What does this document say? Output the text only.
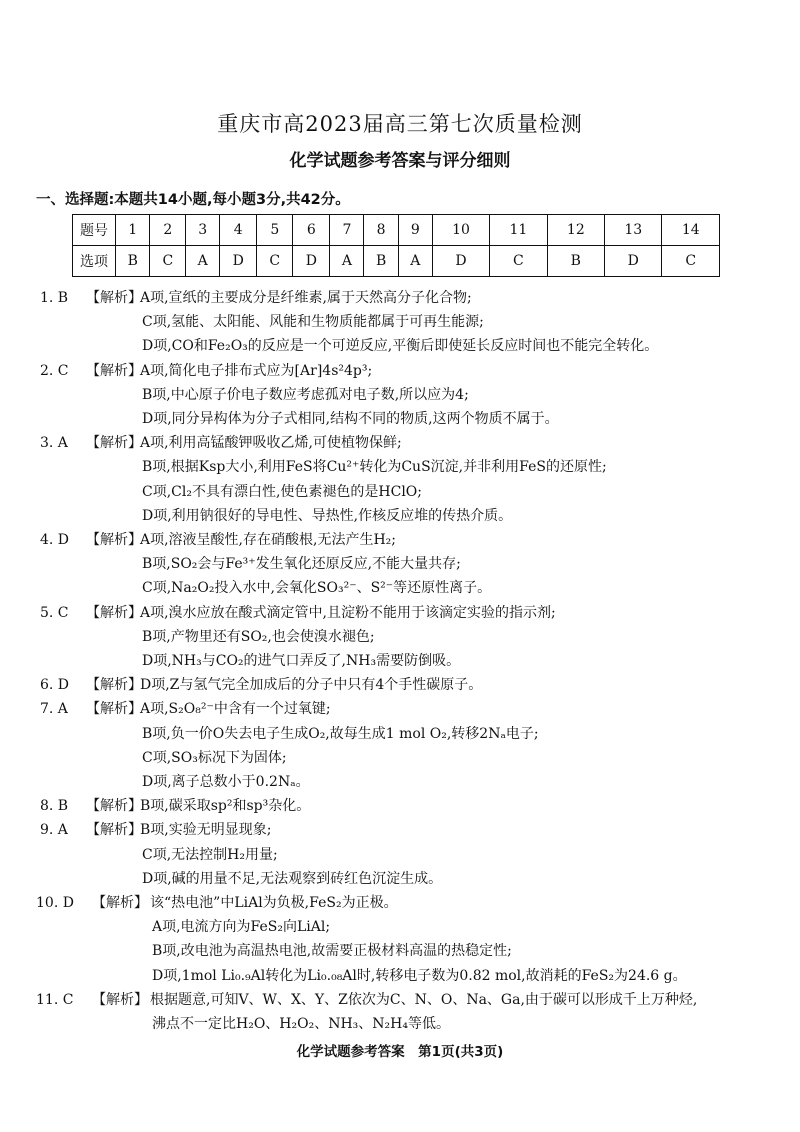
重庆市高2023届高三第七次质量检测
化学试题参考答案与评分细则
一、选择题:本题共14小题,每小题3分,共42分。
题号	1	2	3	4	5	6	7	8	9	10	11	12	13	14
选项	B	C	A	D	C	D	A	B	A	D	C	B	D	C
1. B	【解析】
A项,宣纸的主要成分是纤维素,属于天然高分子化合物;
C项,氢能、太阳能、风能和生物质能都属于可再生能源;
D项,CO和Fe₂O₃的反应是一个可逆反应,平衡后即使延长反应时间也不能完全转化。
2. C	【解析】
A项,简化电子排布式应为[Ar]4s²4p³;
B项,中心原子价电子数应考虑孤对电子数,所以应为4;
D项,同分异构体为分子式相同,结构不同的物质,这两个物质不属于。
3. A	【解析】
A项,利用高锰酸钾吸收乙烯,可使植物保鲜;
B项,根据Ksp大小,利用FeS将Cu²⁺转化为CuS沉淀,并非利用FeS的还原性;
C项,Cl₂不具有漂白性,使色素褪色的是HClO;
D项,利用钠很好的导电性、导热性,作核反应堆的传热介质。
4. D	【解析】
A项,溶液呈酸性,存在硝酸根,无法产生H₂;
B项,SO₂会与Fe³⁺发生氧化还原反应,不能大量共存;
C项,Na₂O₂投入水中,会氧化SO₃²⁻、S²⁻等还原性离子。
5. C	【解析】
A项,溴水应放在酸式滴定管中,且淀粉不能用于该滴定实验的指示剂;
B项,产物里还有SO₂,也会使溴水褪色;
D项,NH₃与CO₂的进气口弄反了,NH₃需要防倒吸。
6. D	【解析】
D项,Z与氢气完全加成后的分子中只有4个手性碳原子。
7. A	【解析】
A项,S₂O₈²⁻中含有一个过氧键;
B项,负一价O失去电子生成O₂,故每生成1 mol O₂,转移2Nₐ电子;
C项,SO₃标况下为固体;
D项,离子总数小于0.2Nₐ。
8. B	【解析】
B项,碳采取sp²和sp³杂化。
9. A	【解析】
B项,实验无明显现象;
C项,无法控制H₂用量;
D项,碱的用量不足,无法观察到砖红色沉淀生成。
10. D 【解析】 该“热电池”中LiAl为负极,FeS₂为正极。
A项,电流方向为FeS₂向LiAl;
B项,改电池为高温热电池,故需要正极材料高温的热稳定性;
D项,1mol Li₀.₉Al转化为Li₀.₀₈Al时,转移电子数为0.82 mol,故消耗的FeS₂为24.6 g。
11. C 【解析】 根据题意,可知V、W、X、Y、Z依次为C、N、O、Na、Ga,由于碳可以形成千上万种烃,
沸点不一定比H₂O、H₂O₂、NH₃、N₂H₄等低。
化学试题参考答案　第1页(共3页)
